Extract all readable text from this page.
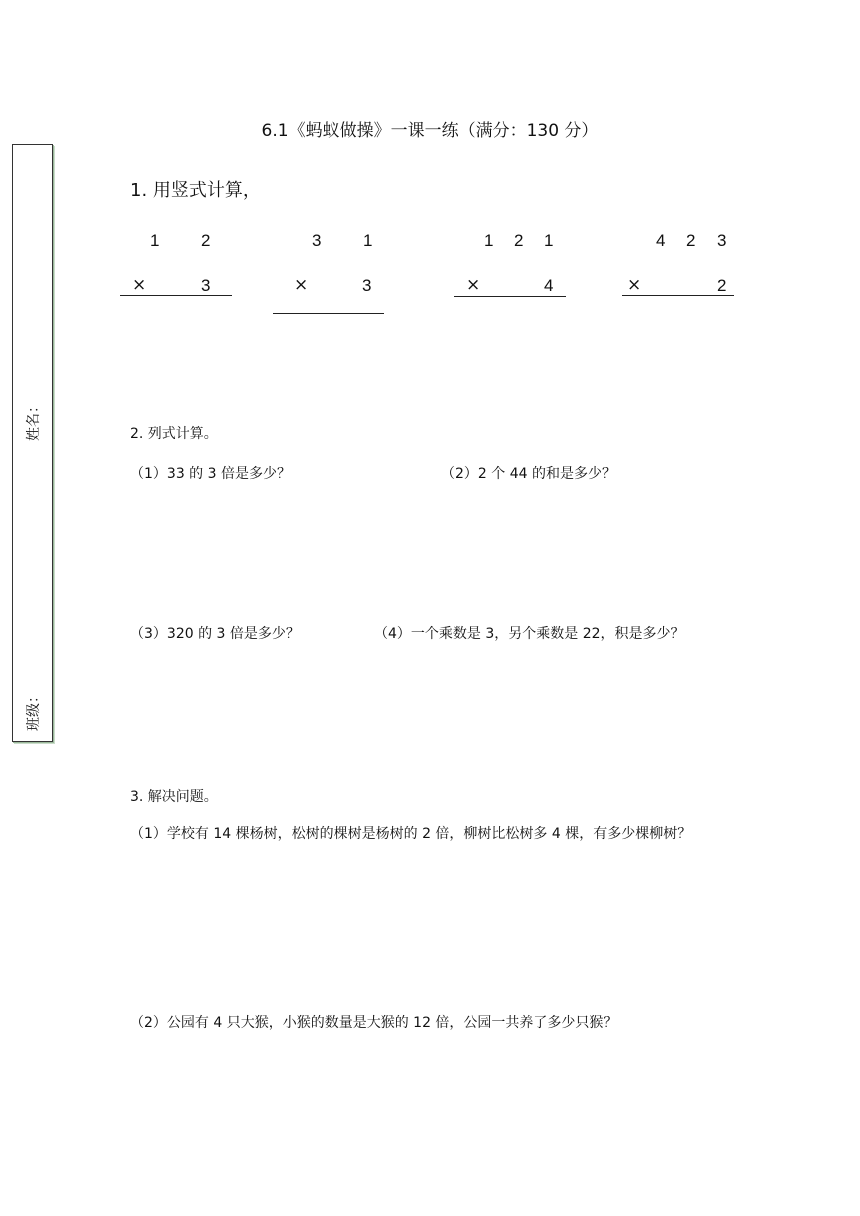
姓名：
班级：
6.1《蚂蚁做操》一课一练（满分：130 分）
1. 用竖式计算，
1 2
×	3
3 1
×	3
1 2 1
×	4
4 2 3
×	2
2. 列式计算。
（1）33 的 3 倍是多少？	（2）2 个 44 的和是多少？
（3）320 的 3 倍是多少？	（4）一个乘数是 3，另个乘数是 22，积是多少？
3. 解决问题。
（1）学校有 14 棵杨树，松树的棵树是杨树的 2 倍，柳树比松树多 4 棵，有多少棵柳树？
（2）公园有 4 只大猴，小猴的数量是大猴的 12 倍，公园一共养了多少只猴？
